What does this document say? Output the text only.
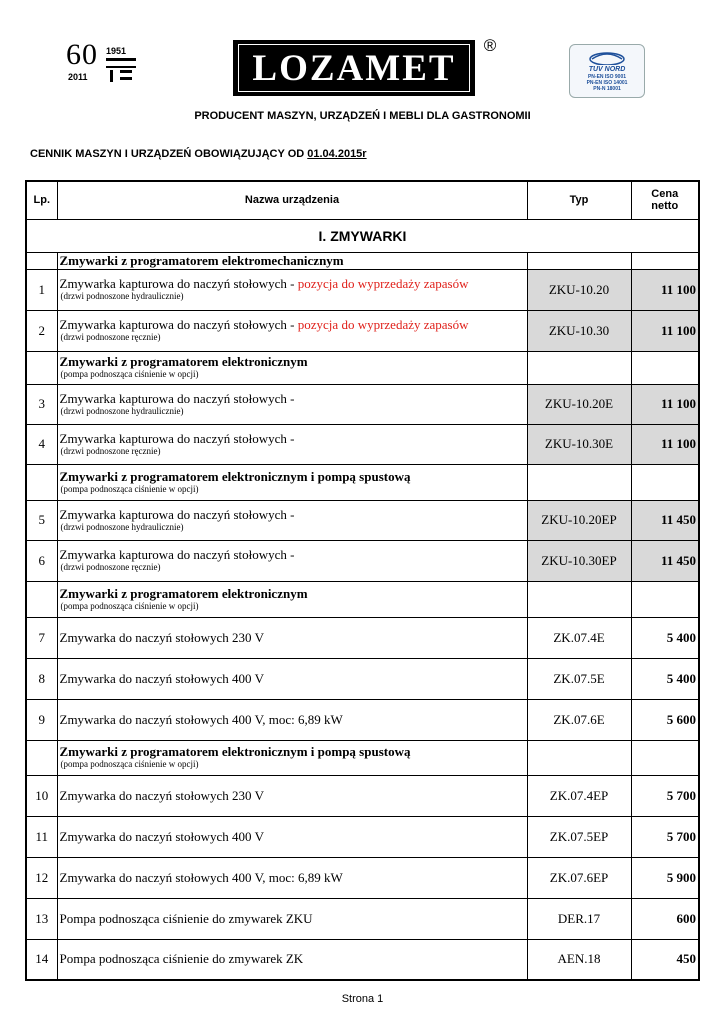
60 1951
2011	LOZAMET
®
TUV NORD
PN-EN ISO 9001
PN-EN ISO 14001
PN-N 18001
PRODUCENT MASZYN, URZĄDZEŃ I MEBLI DLA GASTRONOMII
CENNIK MASZYN I URZĄDZEŃ OBOWIĄZUJĄCY OD 01.04.2015r
Lp.	Nazwa urządzenia	Typ	Cena
netto
I. ZMYWARKI			
	Zmywarki z programatorem elektromechanicznym		
1	Zmywarka kapturowa do naczyń stołowych - pozycja do wyprzedaży zapasów
(drzwi podnoszone hydraulicznie)	ZKU-10.20	11 100
2	Zmywarka kapturowa do naczyń stołowych - pozycja do wyprzedaży zapasów
(drzwi podnoszone ręcznie)	ZKU-10.30	11 100
	Zmywarki z programatorem elektronicznym
(pompa podnosząca ciśnienie w opcji)		

3	Zmywarka kapturowa do naczyń stołowych -
(drzwi podnoszone hydraulicznie)	ZKU-10.20E	11 100
4	Zmywarka kapturowa do naczyń stołowych -
(drzwi podnoszone ręcznie)	ZKU-10.30E	11 100
	Zmywarki z programatorem elektronicznym i pompą spustową
(pompa podnosząca ciśnienie w opcji)		

5	Zmywarka kapturowa do naczyń stołowych -
(drzwi podnoszone hydraulicznie)	ZKU-10.20EP	11 450
6	Zmywarka kapturowa do naczyń stołowych -
(drzwi podnoszone ręcznie)	ZKU-10.30EP	11 450
	Zmywarki z programatorem elektronicznym
(pompa podnosząca ciśnienie w opcji)		

7	Zmywarka do naczyń stołowych 230 V	ZK.07.4E	5 400
8	Zmywarka do naczyń stołowych 400 V	ZK.07.5E	5 400
9	Zmywarka do naczyń stołowych 400 V, moc: 6,89 kW	ZK.07.6E	5 600
	Zmywarki z programatorem elektronicznym i pompą spustową
(pompa podnosząca ciśnienie w opcji)		

10	Zmywarka do naczyń stołowych 230 V	ZK.07.4EP	5 700
11	Zmywarka do naczyń stołowych 400 V	ZK.07.5EP	5 700
12	Zmywarka do naczyń stołowych 400 V, moc: 6,89 kW	ZK.07.6EP	5 900
13	Pompa podnosząca ciśnienie do zmywarek ZKU	DER.17	600
14	Pompa podnosząca ciśnienie do zmywarek ZK	AEN.18	450
Strona 1
